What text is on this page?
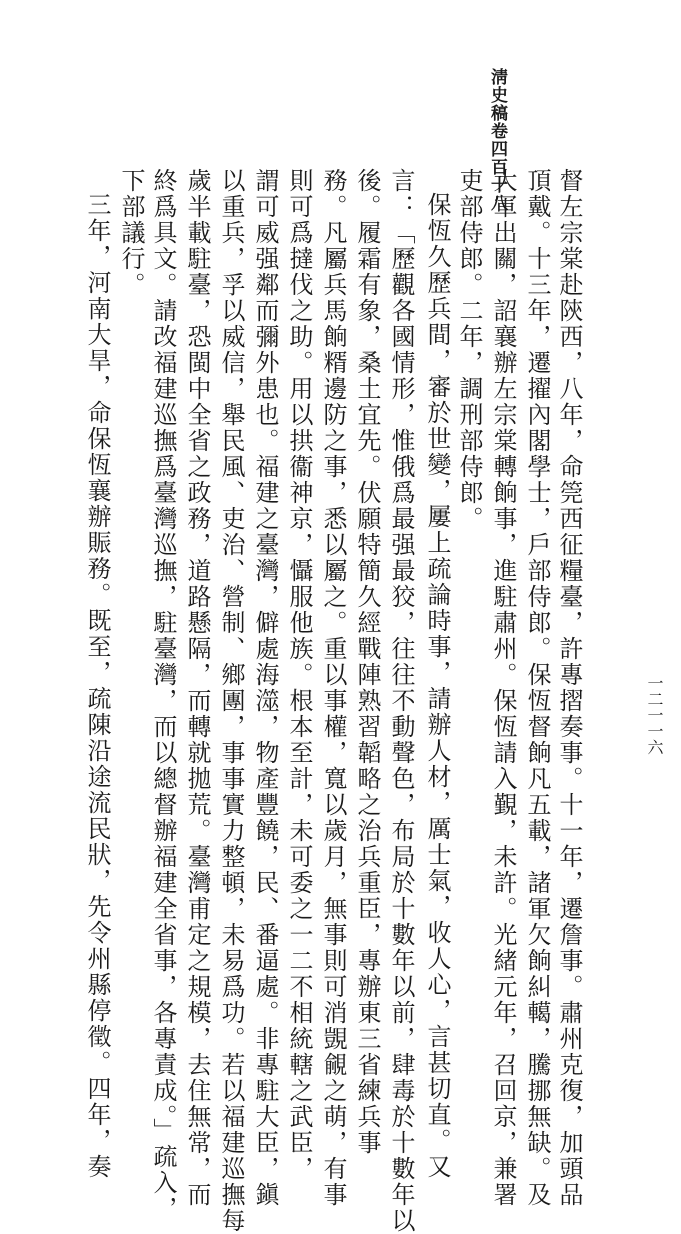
淸史稿卷四百十八
一二一一六
督左宗棠赴陝西，八年，命筦西征糧臺，許專摺奏事。十一年，遷詹事。肅州克復，加頭品
頂戴。十三年，遷擢內閣學士，戶部侍郎。保恆督餉凡五載，諸軍欠餉糾轕，騰挪無缺。及
大軍出關，詔襄辦左宗棠轉餉事，進駐肅州。保恆請入覲，未許。光緒元年，召回京，兼署
吏部侍郎。二年，調刑部侍郎。
保恆久歷兵間，審於世變，屢上疏論時事，請辦人材，厲士氣，收人心，言甚切直。又
言：「歷觀各國情形，惟俄爲最强最狡，往往不動聲色，布局於十數年以前，肆毒於十數年以
後。履霜有象，桑土宜先。伏願特簡久經戰陣熟習韜略之治兵重臣，專辦東三省練兵事
務。凡屬兵馬餉糈邊防之事，悉以屬之。重以事權，寬以歲月，無事則可消覬覦之萌，有事
則可爲撻伐之助。用以拱衞神京，懾服他族。根本至計，未可委之一二不相統轄之武臣，
謂可威强鄰而彌外患也。福建之臺灣，僻處海澨，物產豐饒，民、番逼處。非專駐大臣，鎭
以重兵，孚以威信，舉民風、吏治、營制、鄉團，事事實力整頓，未易爲功。若以福建巡撫每
歲半載駐臺，恐閩中全省之政務，道路懸隔，而轉就拋荒。臺灣甫定之規模，去住無常，而
終爲具文。請改福建巡撫爲臺灣巡撫，駐臺灣，而以總督辦福建全省事，各專責成。」疏入，
下部議行。
三年，河南大旱，命保恆襄辦賑務。既至，疏陳沿途流民狀，先令州縣停徵。四年，奏
